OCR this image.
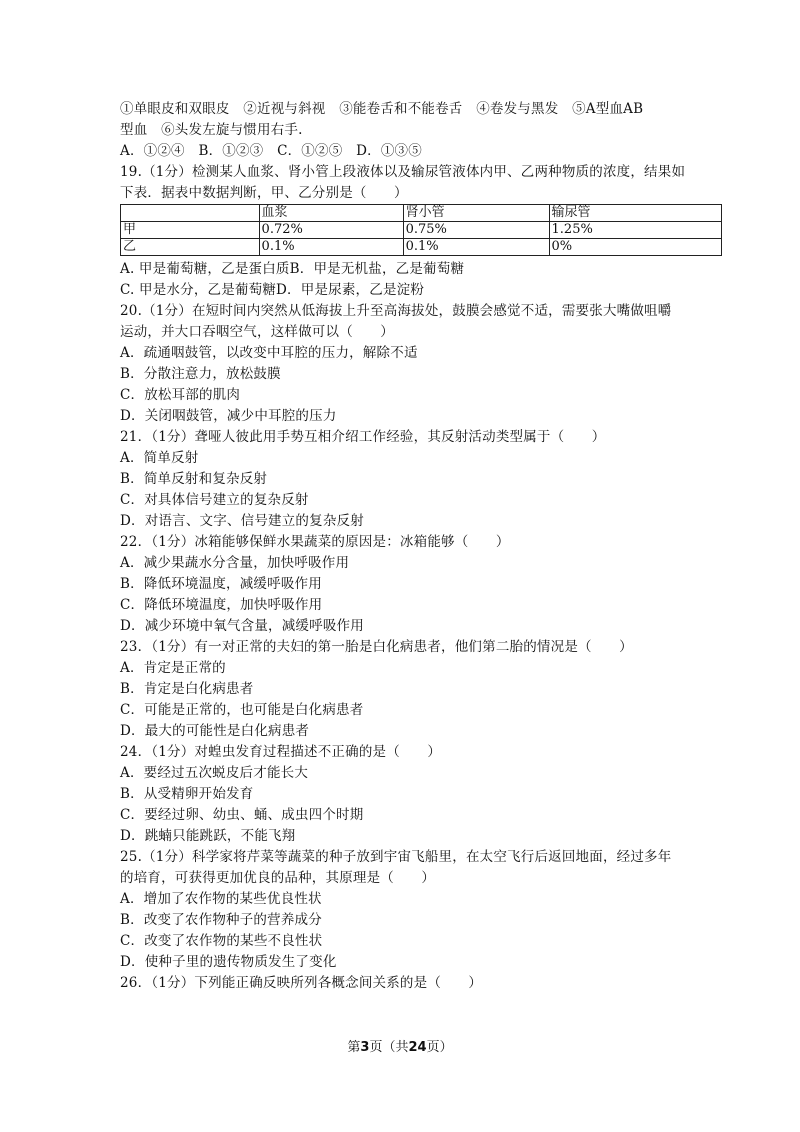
①单眼皮和双眼皮　②近视与斜视　③能卷舌和不能卷舌　④卷发与黑发　⑤A型血AB
型血　⑥头发左旋与惯用右手.
A．①②④　B．①②③　C．①②⑤　D．①③⑤
19.（1分）检测某人血浆、肾小管上段液体以及输尿管液体内甲、乙两种物质的浓度，结果如
下表．据表中数据判断，甲、乙分别是（　　）
	血浆	肾小管	输尿管
甲	0.72%	0.75%	1.25%
乙	0.1%	0.1%	0%
A. 甲是葡萄糖，乙是蛋白质B．甲是无机盐，乙是葡萄糖
C. 甲是水分，乙是葡萄糖D．甲是尿素，乙是淀粉
20.（1分）在短时间内突然从低海拔上升至高海拔处，鼓膜会感觉不适，需要张大嘴做咀嚼
运动，并大口吞咽空气，这样做可以（　　）
A．疏通咽鼓管，以改变中耳腔的压力，解除不适
B．分散注意力，放松鼓膜
C．放松耳部的肌肉
D．关闭咽鼓管，减少中耳腔的压力
21．（1分）聋哑人彼此用手势互相介绍工作经验，其反射活动类型属于（　　）
A．简单反射
B．简单反射和复杂反射
C．对具体信号建立的复杂反射
D．对语言、文字、信号建立的复杂反射
22．（1分）冰箱能够保鲜水果蔬菜的原因是：冰箱能够（　　）
A．减少果蔬水分含量，加快呼吸作用
B．降低环境温度，减缓呼吸作用
C．降低环境温度，加快呼吸作用
D．减少环境中氧气含量，减缓呼吸作用
23．（1分）有一对正常的夫妇的第一胎是白化病患者，他们第二胎的情况是（　　）
A．肯定是正常的
B．肯定是白化病患者
C．可能是正常的，也可能是白化病患者
D．最大的可能性是白化病患者
24．（1分）对蝗虫发育过程描述不正确的是（　　）
A．要经过五次蜕皮后才能长大
B．从受精卵开始发育
C．要经过卵、幼虫、蛹、成虫四个时期
D．跳蝻只能跳跃，不能飞翔
25.（1分）科学家将芹菜等蔬菜的种子放到宇宙飞船里，在太空飞行后返回地面，经过多年
的培育，可获得更加优良的品种，其原理是（　　）
A．增加了农作物的某些优良性状
B．改变了农作物种子的营养成分
C．改变了农作物的某些不良性状
D．使种子里的遗传物质发生了变化
26．（1分）下列能正确反映所列各概念间关系的是（　　）
第3页（共24页）
